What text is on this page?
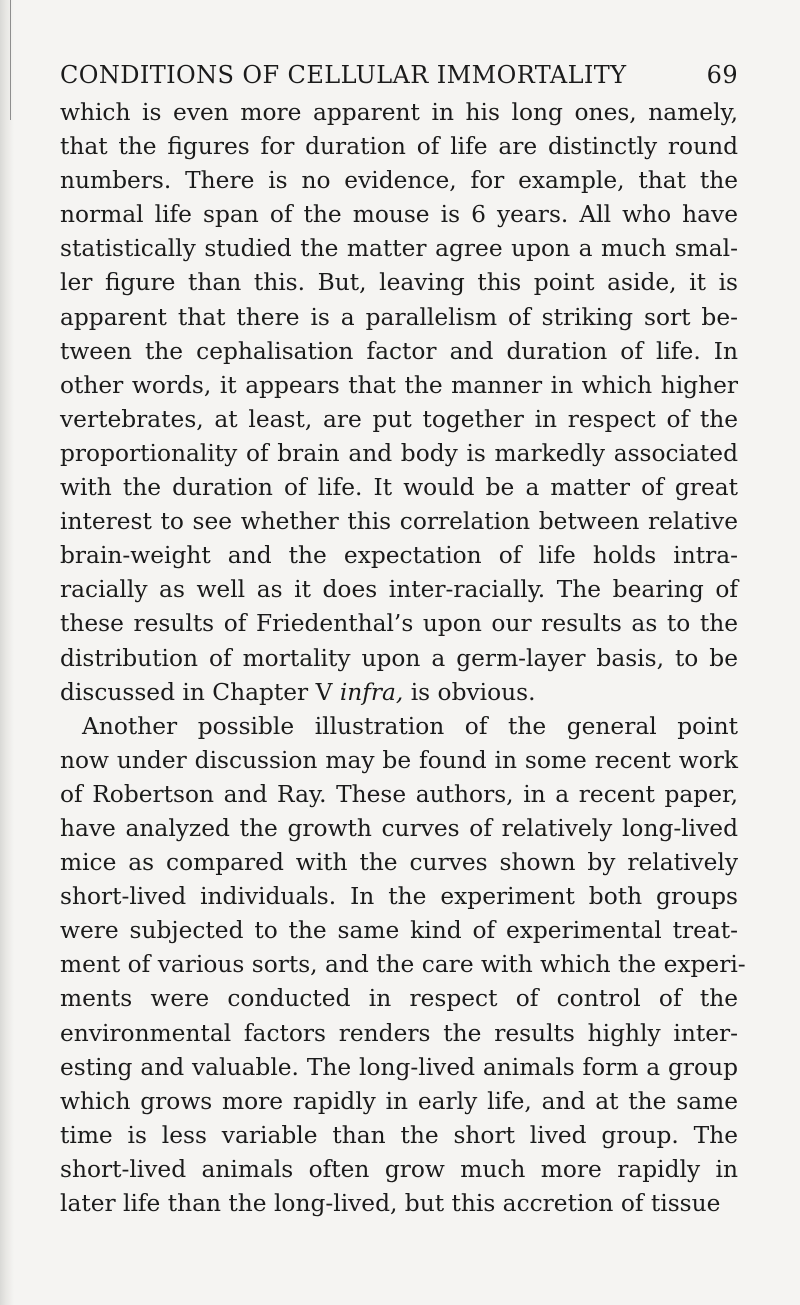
CONDITIONS OF CELLULAR IMMORTALITY	69
which is even more apparent in his long ones, namely,
that the figures for duration of life are distinctly round
numbers. There is no evidence, for example, that the
normal life span of the mouse is 6 years. All who have
statistically studied the matter agree upon a much smal-
ler figure than this. But, leaving this point aside, it is
apparent that there is a parallelism of striking sort be-
tween the cephalisation factor and duration of life. In
other words, it appears that the manner in which higher
vertebrates, at least, are put together in respect of the
proportionality of brain and body is markedly associated
with the duration of life. It would be a matter of great
interest to see whether this correlation between relative
brain-weight and the expectation of life holds intra-
racially as well as it does inter-racially. The bearing of
these results of Friedenthal’s upon our results as to the
distribution of mortality upon a germ-layer basis, to be
discussed in Chapter V infra, is obvious.
Another possible illustration of the general point
now under discussion may be found in some recent work
of Robertson and Ray. These authors, in a recent paper,
have analyzed the growth curves of relatively long-lived
mice as compared with the curves shown by relatively
short-lived individuals. In the experiment both groups
were subjected to the same kind of experimental treat-
ment of various sorts, and the care with which the experi-
ments were conducted in respect of control of the
environmental factors renders the results highly inter-
esting and valuable. The long-lived animals form a group
which grows more rapidly in early life, and at the same
time is less variable than the short lived group. The
short-lived animals often grow much more rapidly in
later life than the long-lived, but this accretion of tissue
